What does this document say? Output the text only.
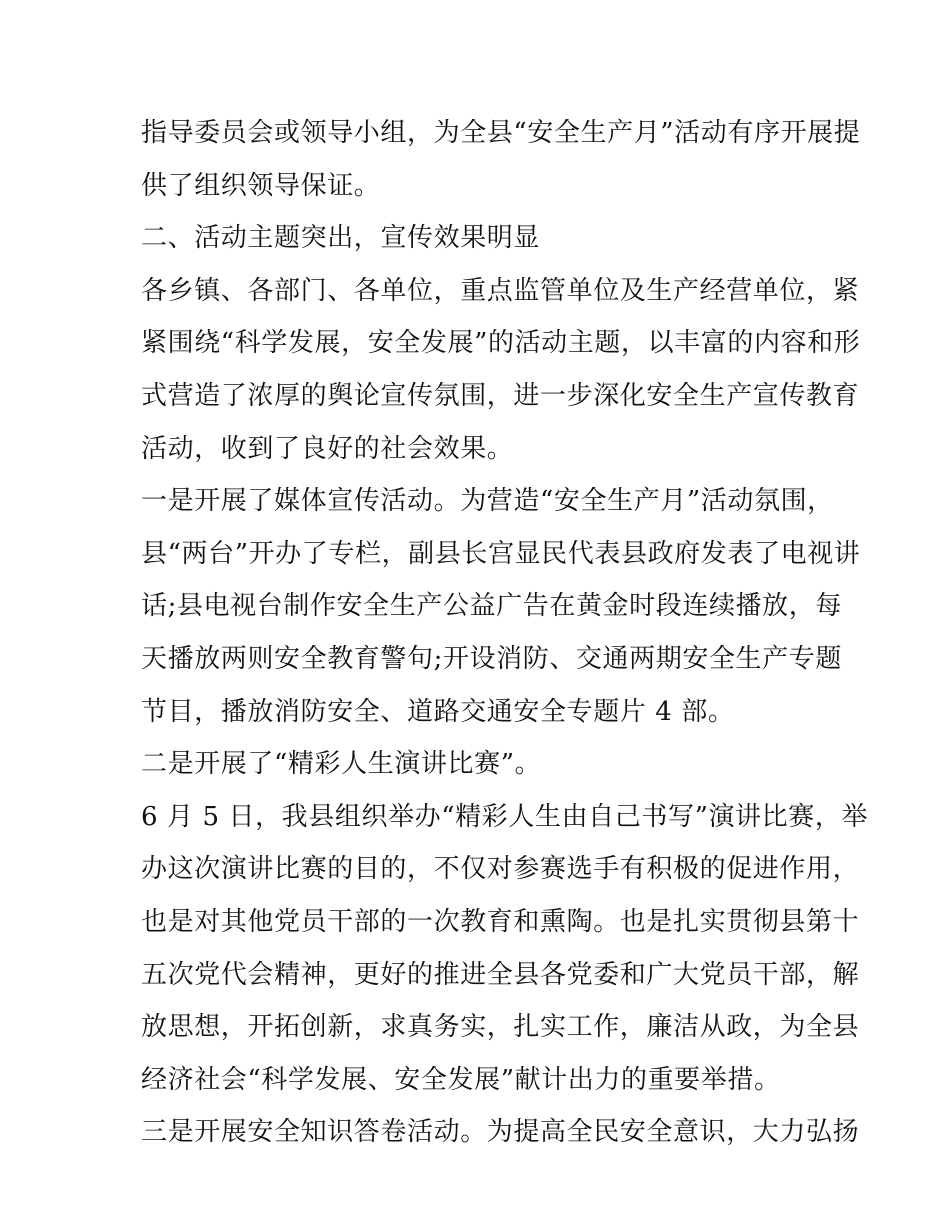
指导委员会或领导小组，为全县“安全生产月”活动有序开展提
供了组织领导保证。
二、活动主题突出，宣传效果明显
各乡镇、各部门、各单位，重点监管单位及生产经营单位，紧
紧围绕“科学发展，安全发展”的活动主题，以丰富的内容和形
式营造了浓厚的舆论宣传氛围，进一步深化安全生产宣传教育
活动，收到了良好的社会效果。
一是开展了媒体宣传活动。为营造“安全生产月”活动氛围，
县“两台”开办了专栏，副县长宫显民代表县政府发表了电视讲
话;县电视台制作安全生产公益广告在黄金时段连续播放，每
天播放两则安全教育警句;开设消防、交通两期安全生产专题
节目，播放消防安全、道路交通安全专题片 4 部。
二是开展了“精彩人生演讲比赛”。
6 月 5 日，我县组织举办“精彩人生由自己书写”演讲比赛，举
办这次演讲比赛的目的，不仅对参赛选手有积极的促进作用，
也是对其他党员干部的一次教育和熏陶。也是扎实贯彻县第十
五次党代会精神，更好的推进全县各党委和广大党员干部，解
放思想，开拓创新，求真务实，扎实工作，廉洁从政，为全县
经济社会“科学发展、安全发展”献计出力的重要举措。
三是开展安全知识答卷活动。为提高全民安全意识，大力弘扬
